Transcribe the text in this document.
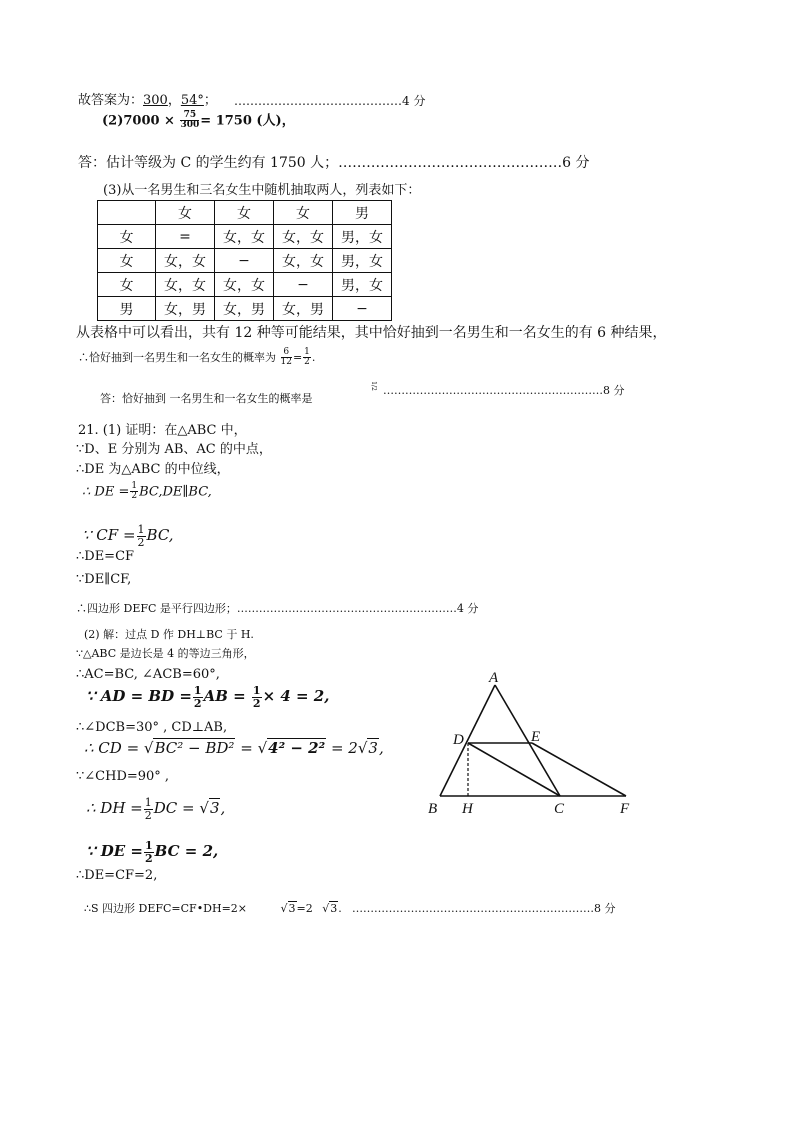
故答案为：300，54°； ……………………………………4 分
$(2)7000 \times \frac{75}{300} = 1750$ (人)，
答：估计等级为 C 的学生约有 1750 人；…………………………………………6 分
(3)从一名男生和三名女生中随机抽取两人，列表如下：
	女	女	女	男
女	=	女，女	女，女	男，女
女	女，女	−	女，女	男，女
女	女，女	女，女	−	男，女
男	女，男	女，男	女，男	−
从表格中可以看出，共有 12 种等可能结果，其中恰好抽到一名男生和一名女生的有 6 种结果，
∴恰好抽到一名男生和一名女生的概率为 $\frac{6}{12} = \frac{1}{2}$ .
答：恰好抽到 一名男生和一名女生的概率是
1/2 ……………………………………………………8 分
21. (1) 证明：在△ABC 中，
∵D、E 分别为 AB、AC 的中点，
∴DE 为△ABC 的中位线，
∴ DE = $\frac{1}{2}$ BC,DE∥BC,
∵ CF = $\frac{1}{2}$ BC,
∴DE=CF
∵DE∥CF,
∴四边形 DEFC 是平行四边形；……………………………………………………4 分
(2) 解：过点 D 作 DH⊥BC 于 H.
∵△ABC 是边长是 4 的等边三角形，
∴AC=BC, ∠ACB=60°,
∵ AD = BD = $\frac{1}{2}$ AB = $\frac{1}{2} \times 4 = 2$,
∴∠DCB=30° , CD⊥AB,
∴ CD = √BC² − BD² = √4² − 2² = 2√3,
∵∠CHD=90° ,
∴ DH = $\frac{1}{2}$ DC = √3,
∵ DE = $\frac{1}{2}$ BC = 2,
∴DE=CF=2,
∴S 四边形 DEFC=CF•DH=2×	√3=2 √3. …………………………………………………………8 分
A
D	E
B H	C	F
